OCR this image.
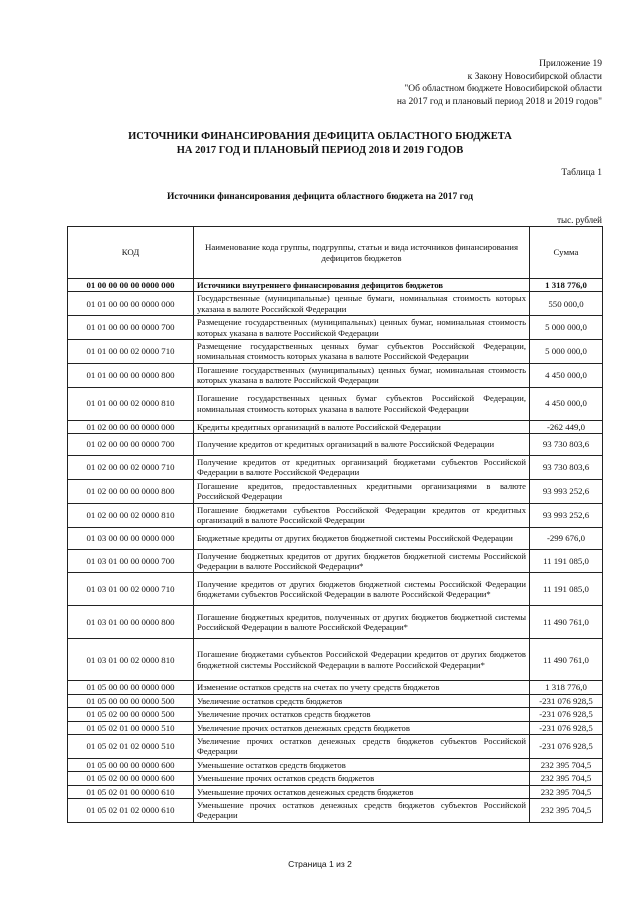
Приложение 19
к Закону Новосибирской области
"Об областном бюджете Новосибирской области
на 2017 год и плановый период 2018 и 2019 годов"
ИСТОЧНИКИ ФИНАНСИРОВАНИЯ ДЕФИЦИТА ОБЛАСТНОГО БЮДЖЕТА
НА 2017 ГОД И ПЛАНОВЫЙ ПЕРИОД 2018 И 2019 ГОДОВ
Таблица 1
Источники финансирования дефицита областного бюджета на 2017 год
тыс. рублей
КОД	Наименование кода группы, подгруппы, статьи и вида источников финансирования дефицитов бюджетов	Сумма
01 00 00 00 00 0000 000	Источники внутреннего финансирования дефицитов бюджетов	1 318 776,0
01 01 00 00 00 0000 000	Государственные (муниципальные) ценные бумаги, номинальная стоимость которых указана в валюте Российской Федерации	550 000,0
01 01 00 00 00 0000 700	Размещение государственных (муниципальных) ценных бумаг, номинальная стоимость которых указана в валюте Российской Федерации	5 000 000,0
01 01 00 00 02 0000 710	Размещение государственных ценных бумаг субъектов Российской Федерации, номинальная стоимость которых указана в валюте Российской Федерации	5 000 000,0
01 01 00 00 00 0000 800	Погашение государственных (муниципальных) ценных бумаг, номинальная стоимость которых указана в валюте Российской Федерации	4 450 000,0
01 01 00 00 02 0000 810	Погашение государственных ценных бумаг субъектов Российской Федерации, номинальная стоимость которых указана в валюте Российской Федерации	4 450 000,0
01 02 00 00 00 0000 000	Кредиты кредитных организаций в валюте Российской Федерации	-262 449,0
01 02 00 00 00 0000 700	Получение кредитов от кредитных организаций в валюте Российской Федерации	93 730 803,6
01 02 00 00 02 0000 710	Получение кредитов от кредитных организаций бюджетами субъектов Российской Федерации в валюте Российской Федерации	93 730 803,6
01 02 00 00 00 0000 800	Погашение кредитов, предоставленных кредитными организациями в валюте Российской Федерации	93 993 252,6
01 02 00 00 02 0000 810	Погашение бюджетами субъектов Российской Федерации кредитов от кредитных организаций в валюте Российской Федерации	93 993 252,6
01 03 00 00 00 0000 000	Бюджетные кредиты от других бюджетов бюджетной системы Российской Федерации	-299 676,0
01 03 01 00 00 0000 700	Получение бюджетных кредитов от других бюджетов бюджетной системы Российской Федерации в валюте Российской Федерации*	11 191 085,0
01 03 01 00 02 0000 710	Получение кредитов от других бюджетов бюджетной системы Российской Федерации бюджетами субъектов Российской Федерации в валюте Российской Федерации*	11 191 085,0
01 03 01 00 00 0000 800	Погашение бюджетных кредитов, полученных от других бюджетов бюджетной системы Российской Федерации в валюте Российской Федерации*	11 490 761,0
01 03 01 00 02 0000 810	Погашение бюджетами субъектов Российской Федерации кредитов от других бюджетов бюджетной системы Российской Федерации в валюте Российской Федерации*	11 490 761,0
01 05 00 00 00 0000 000	Изменение остатков средств на счетах по учету средств бюджетов	1 318 776,0
01 05 00 00 00 0000 500	Увеличение остатков средств бюджетов	-231 076 928,5
01 05 02 00 00 0000 500	Увеличение прочих остатков средств бюджетов	-231 076 928,5
01 05 02 01 00 0000 510	Увеличение прочих остатков денежных средств бюджетов	-231 076 928,5
01 05 02 01 02 0000 510	Увеличение прочих остатков денежных средств бюджетов субъектов Российской Федерации	-231 076 928,5
01 05 00 00 00 0000 600	Уменьшение остатков средств бюджетов	232 395 704,5
01 05 02 00 00 0000 600	Уменьшение прочих остатков средств бюджетов	232 395 704,5
01 05 02 01 00 0000 610	Уменьшение прочих остатков денежных средств бюджетов	232 395 704,5
01 05 02 01 02 0000 610	Уменьшение прочих остатков денежных средств бюджетов субъектов Российской Федерации	232 395 704,5
Страница 1 из 2
